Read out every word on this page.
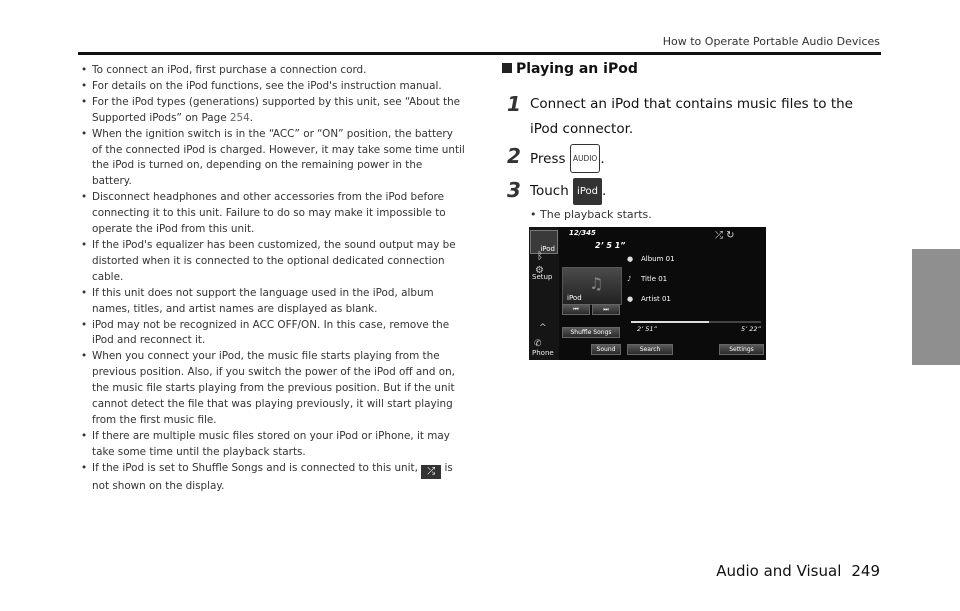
How to Operate Portable Audio Devices
• To connect an iPod, first purchase a connection cord.
• For details on the iPod functions, see the iPod's instruction manual.
• For the iPod types (generations) supported by this unit, see “About the Supported iPods” on Page 254.
• When the ignition switch is in the “ACC” or “ON” position, the battery of the connected iPod is charged. However, it may take some time until the iPod is turned on, depending on the remaining power in the battery.
• Disconnect headphones and other accessories from the iPod before connecting it to this unit. Failure to do so may make it impossible to operate the iPod from this unit.
• If the iPod's equalizer has been customized, the sound output may be distorted when it is connected to the optional dedicated connection cable.
• If this unit does not support the language used in the iPod, album names, titles, and artist names are displayed as blank.
• iPod may not be recognized in ACC OFF/ON. In this case, remove the iPod and reconnect it.
• When you connect your iPod, the music file starts playing from the previous position. Also, if you switch the power of the iPod off and on, the music file starts playing from the previous position. But if the unit cannot detect the file that was playing previously, it will start playing from the first music file.
• If there are multiple music files stored on your iPod or iPhone, it may take some time until the playback starts.
• If the iPod is set to Shuffle Songs and is connected to this unit, ⤮ is not shown on the display.
Playing an iPod
1 Connect an iPod that contains music files to the iPod connector.
2 Press AUDIO .
3 Touch iPod .
• The playback starts.
iPod
ᛒ
⚙
Setup
^
✆
Phone
12/345
2’ 5 1”
⤮ ↻
♫
iPod
● Album 01
♪ Title 01
● Artist 01
⏮	⏭
Shuffle Songs	2’ 51”	5’ 22”
Sound	Search	Settings
Audio and Visual 249
